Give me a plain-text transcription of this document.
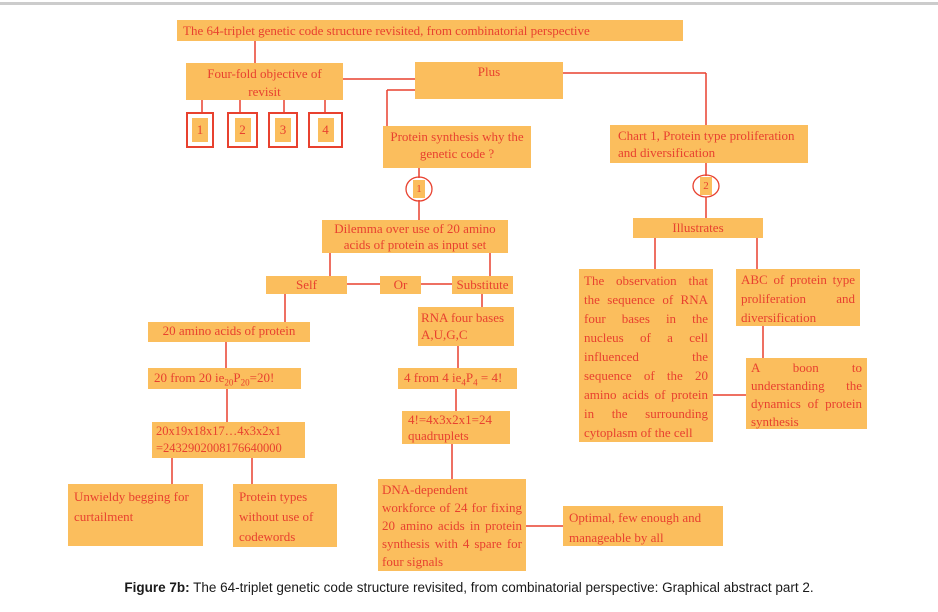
The 64-triplet genetic code structure revisited, from combinatorial perspective
Four-fold objective of revisit
1	2	3	4
Plus
Protein synthesis why the genetic code ?
1
Chart 1, Protein type proliferation and diversification
2
Illustrates
Dilemma over use of 20 amino acids of protein as input set
Self	Or	Substitute
20 amino acids of protein
RNA four bases A,U,G,C
20 from 20 $ie_{20}P_{20}=20$!	4 from 4 $ie_4P_4 = 4$!
20x19x18x17…4x3x2x1 =2432902008176640000
4!=4x3x2x1=24 quadruplets
Unwieldy begging for curtailment
Protein types without use of codewords
DNA-dependent workforce of 24 for fixing 20 amino acids in protein synthesis with 4 spare for four signals
Optimal, few enough and manageable by all
The observation that the sequence of RNA four bases in the nucleus of a cell influenced the sequence of the 20 amino acids of protein in the surrounding cytoplasm of the cell
ABC of protein type proliferation and diversification
A boon to understanding the dynamics of protein synthesis
Figure 7b: The 64-triplet genetic code structure revisited, from combinatorial perspective: Graphical abstract part 2.
